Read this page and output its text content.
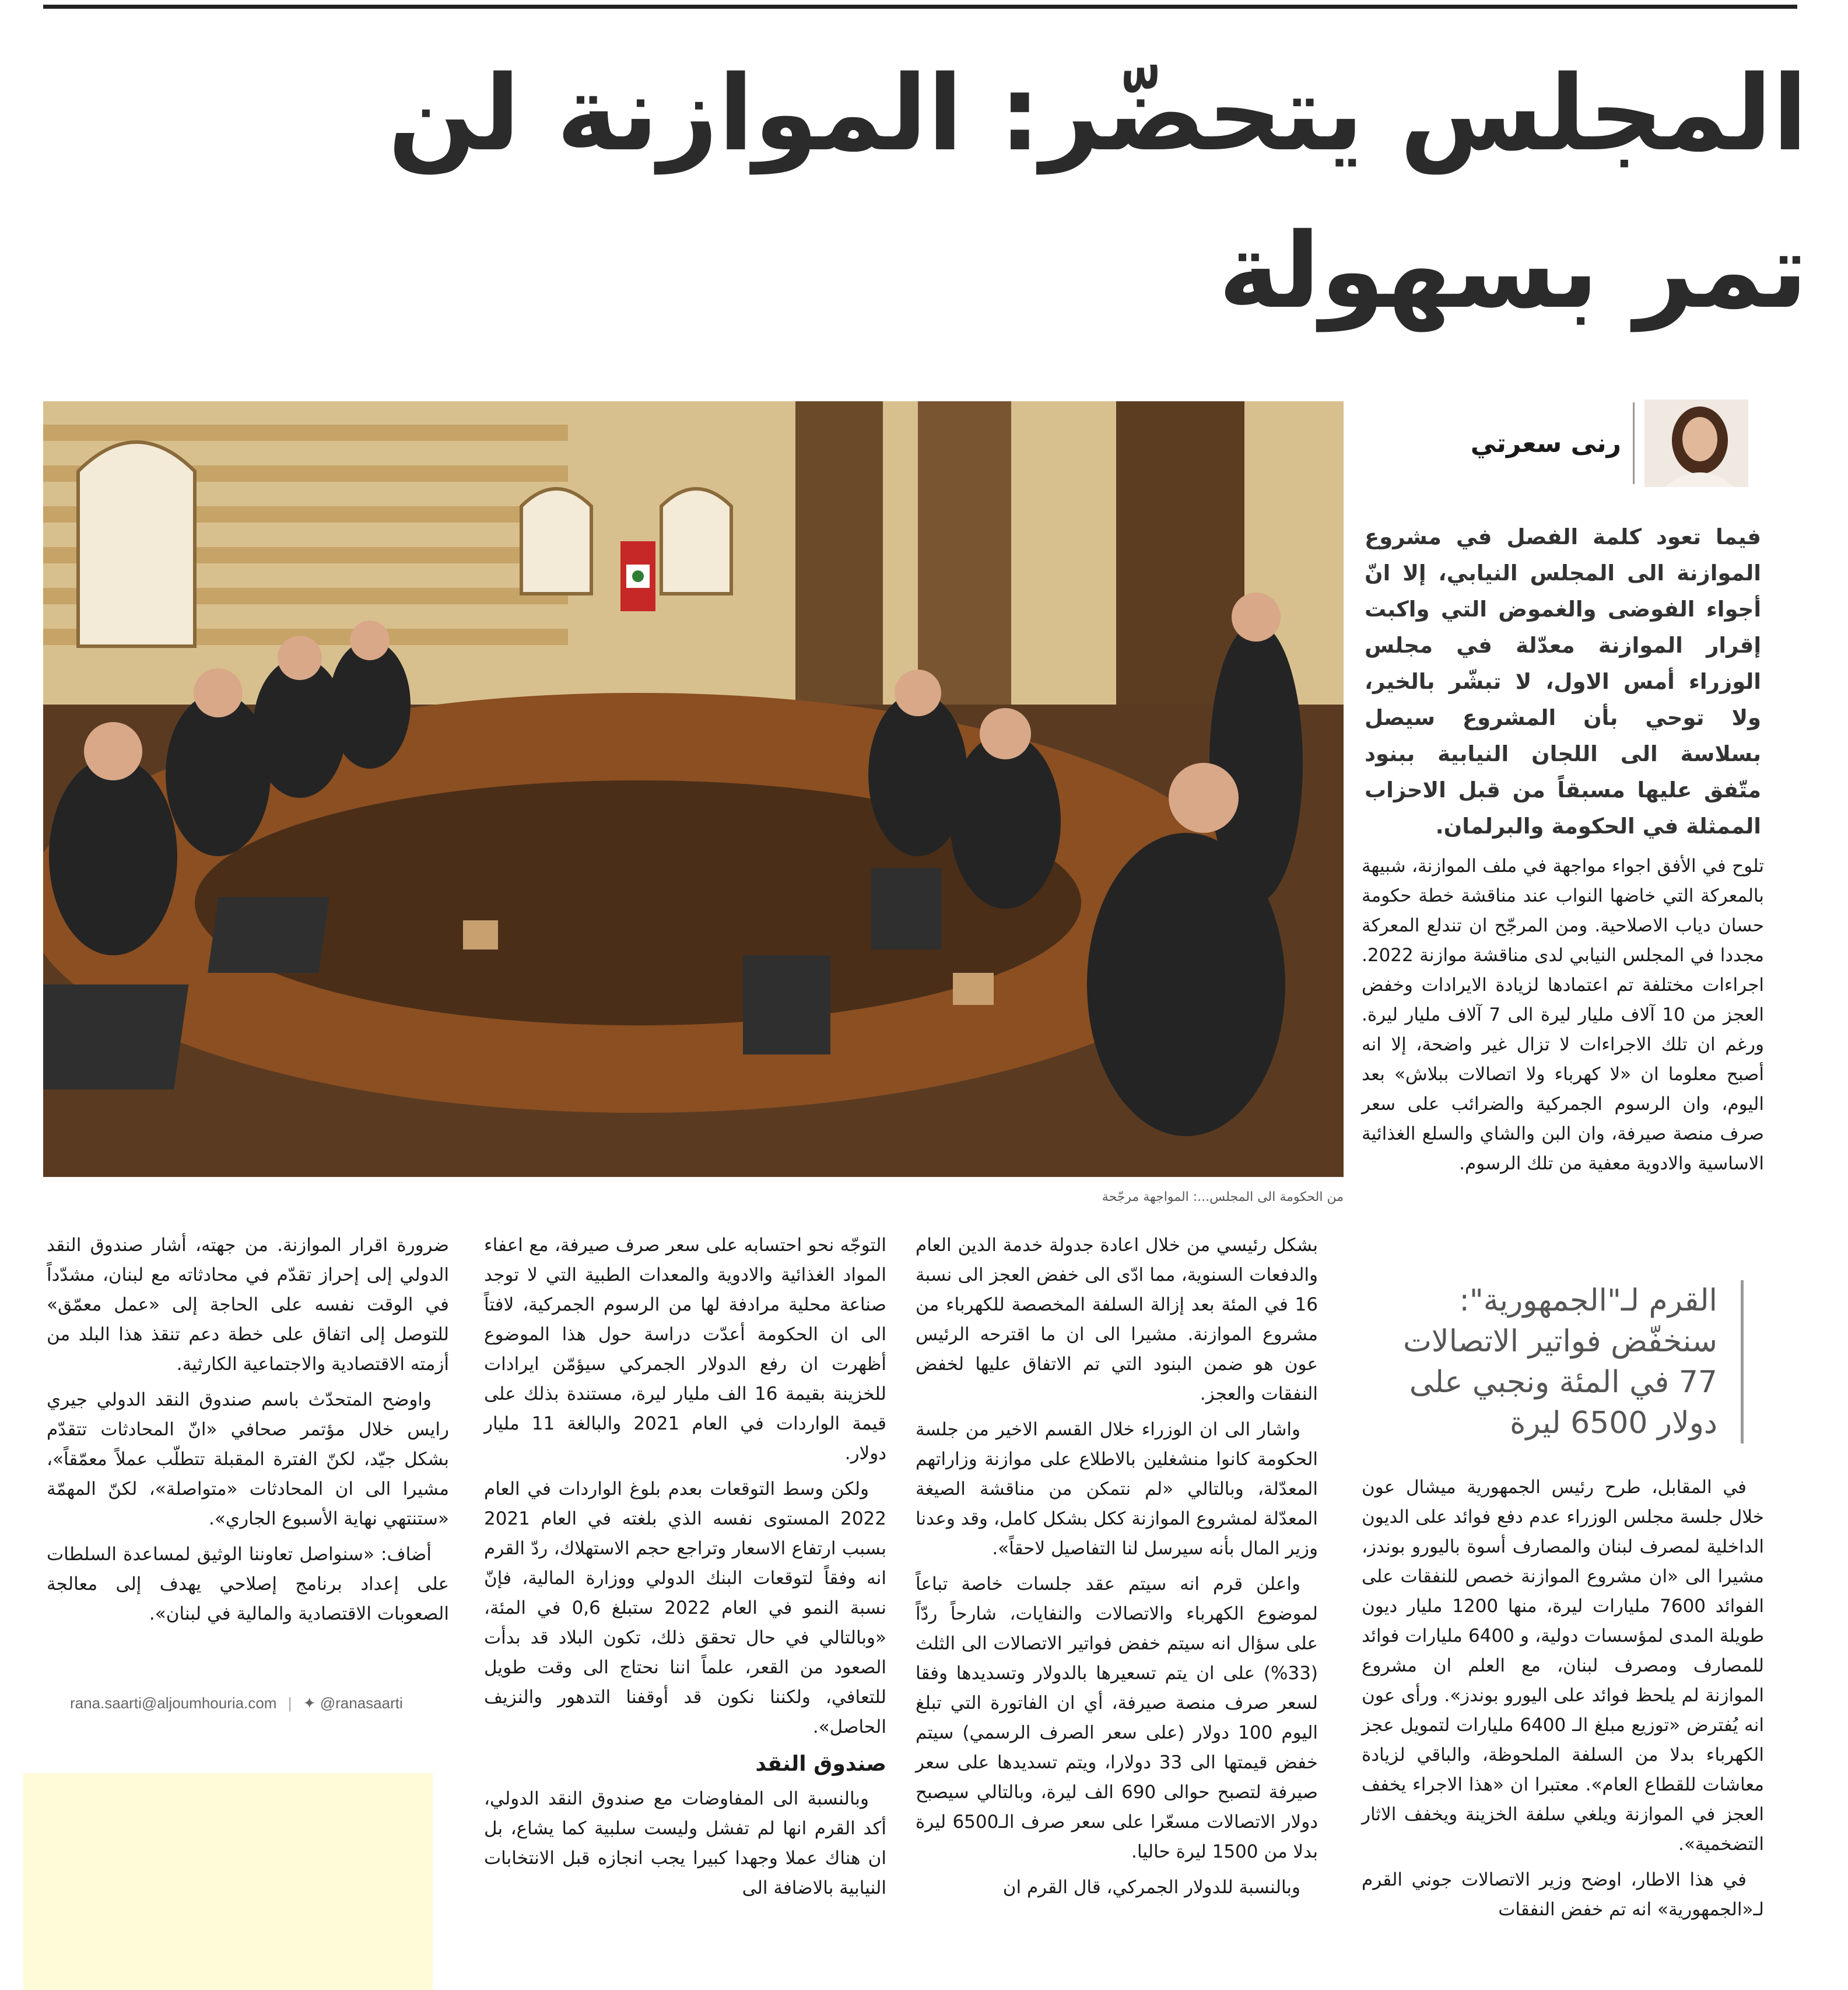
المجلس يتحضّر: الموازنة لن تمر بسهولة
من الحكومة الى المجلس...: المواجهة مرجّحة
رنى سعرتي

فيما تعود كلمة الفصل في مشروع الموازنة الى المجلس النيابي، إلا انّ أجواء الفوضى والغموض التي واكبت إقرار الموازنة معدّلة في مجلس الوزراء أمس الاول، لا تبشّر بالخير، ولا توحي بأن المشروع سيصل بسلاسة الى اللجان النيابية ببنود متّفق عليها مسبقاً من قبل الاحزاب الممثلة في الحكومة والبرلمان.

تلوح في الأفق اجواء مواجهة في ملف الموازنة، شبيهة بالمعركة التي خاضها النواب عند مناقشة خطة حكومة حسان دياب الاصلاحية. ومن المرجّح ان تندلع المعركة مجددا في المجلس النيابي لدى مناقشة موازنة 2022. اجراءات مختلفة تم اعتمادها لزيادة الايرادات وخفض العجز من 10 آلاف مليار ليرة الى 7 آلاف مليار ليرة. ورغم ان تلك الاجراءات لا تزال غير واضحة، إلا انه أصبح معلوما ان «لا كهرباء ولا اتصالات ببلاش» بعد اليوم، وان الرسوم الجمركية والضرائب على سعر صرف منصة صيرفة، وان البن والشاي والسلع الغذائية الاساسية والادوية معفية من تلك الرسوم.

القرم لـ"الجمهورية": سنخفّض فواتير الاتصالات 77 في المئة ونجبي على دولار 6500 ليرة

في المقابل، طرح رئيس الجمهورية ميشال عون خلال جلسة مجلس الوزراء عدم دفع فوائد على الديون الداخلية لمصرف لبنان والمصارف أسوة باليورو بوندز، مشيرا الى «ان مشروع الموازنة خصص للنفقات على الفوائد 7600 مليارات ليرة، منها 1200 مليار ديون طويلة المدى لمؤسسات دولية، و 6400 مليارات فوائد للمصارف ومصرف لبنان، مع العلم ان مشروع الموازنة لم يلحظ فوائد على اليورو بوندز». ورأى عون انه يُفترض «توزيع مبلغ الـ 6400 مليارات لتمويل عجز الكهرباء بدلا من السلفة الملحوظة، والباقي لزيادة معاشات للقطاع العام». معتبرا ان «هذا الاجراء يخفف العجز في الموازنة ويلغي سلفة الخزينة ويخفف الاثار التضخمية».

في هذا الاطار، اوضح وزير الاتصالات جوني القرم لـ«الجمهورية» انه تم خفض النفقات

بشكل رئيسي من خلال اعادة جدولة خدمة الدين العام والدفعات السنوية، مما ادّى الى خفض العجز الى نسبة 16 في المئة بعد إزالة السلفة المخصصة للكهرباء من مشروع الموازنة. مشيرا الى ان ما اقترحه الرئيس عون هو ضمن البنود التي تم الاتفاق عليها لخفض النفقات والعجز.

واشار الى ان الوزراء خلال القسم الاخير من جلسة الحكومة كانوا منشغلين بالاطلاع على موازنة وزاراتهم المعدّلة، وبالتالي «لم نتمكن من مناقشة الصيغة المعدّلة لمشروع الموازنة ككل بشكل كامل، وقد وعدنا وزير المال بأنه سيرسل لنا التفاصيل لاحقاً».

واعلن قرم انه سيتم عقد جلسات خاصة تباعاً لموضوع الكهرباء والاتصالات والنفايات، شارحاً ردّاً على سؤال انه سيتم خفض فواتير الاتصالات الى الثلث (33%) على ان يتم تسعيرها بالدولار وتسديدها وفقا لسعر صرف منصة صيرفة، أي ان الفاتورة التي تبلغ اليوم 100 دولار (على سعر الصرف الرسمي) سيتم خفض قيمتها الى 33 دولارا، ويتم تسديدها على سعر صيرفة لتصبح حوالى 690 الف ليرة، وبالتالي سيصبح دولار الاتصالات مسعّرا على سعر صرف الـ6500 ليرة بدلا من 1500 ليرة حاليا.

وبالنسبة للدولار الجمركي، قال القرم ان

التوجّه نحو احتسابه على سعر صرف صيرفة، مع اعفاء المواد الغذائية والادوية والمعدات الطبية التي لا توجد صناعة محلية مرادفة لها من الرسوم الجمركية، لافتاً الى ان الحكومة أعدّت دراسة حول هذا الموضوع أظهرت ان رفع الدولار الجمركي سيؤمّن ايرادات للخزينة بقيمة 16 الف مليار ليرة، مستندة بذلك على قيمة الواردات في العام 2021 والبالغة 11 مليار دولار.

ولكن وسط التوقعات بعدم بلوغ الواردات في العام 2022 المستوى نفسه الذي بلغته في العام 2021 بسبب ارتفاع الاسعار وتراجع حجم الاستهلاك، ردّ القرم انه وفقاً لتوقعات البنك الدولي ووزارة المالية، فإنّ نسبة النمو في العام 2022 ستبلغ 0,6 في المئة، «وبالتالي في حال تحقق ذلك، تكون البلاد قد بدأت الصعود من القعر، علماً اننا نحتاج الى وقت طويل للتعافي، ولكننا نكون قد أوقفنا التدهور والنزيف الحاصل».

صندوق النقد

وبالنسبة الى المفاوضات مع صندوق النقد الدولي، أكد القرم انها لم تفشل وليست سلبية كما يشاع، بل ان هناك عملا وجهدا كبيرا يجب انجازه قبل الانتخابات النيابية بالاضافة الى

ضرورة اقرار الموازنة. من جهته، أشار صندوق النقد الدولي إلى إحراز تقدّم في محادثاته مع لبنان، مشدّداً في الوقت نفسه على الحاجة إلى «عمل معمّق» للتوصل إلى اتفاق على خطة دعم تنقذ هذا البلد من أزمته الاقتصادية والاجتماعية الكارثية.

واوضح المتحدّث باسم صندوق النقد الدولي جيري رايس خلال مؤتمر صحافي «انّ المحادثات تتقدّم بشكل جيّد، لكنّ الفترة المقبلة تتطلّب عملاً معمّقاً»، مشيرا الى ان المحادثات «متواصلة»، لكنّ المهمّة «ستنتهي نهاية الأسبوع الجاري».

أضاف: «سنواصل تعاوننا الوثيق لمساعدة السلطات على إعداد برنامج إصلاحي يهدف إلى معالجة الصعوبات الاقتصادية والمالية في لبنان».

rana.saarti@aljoumhouria.com | ✦ @ranasaarti
